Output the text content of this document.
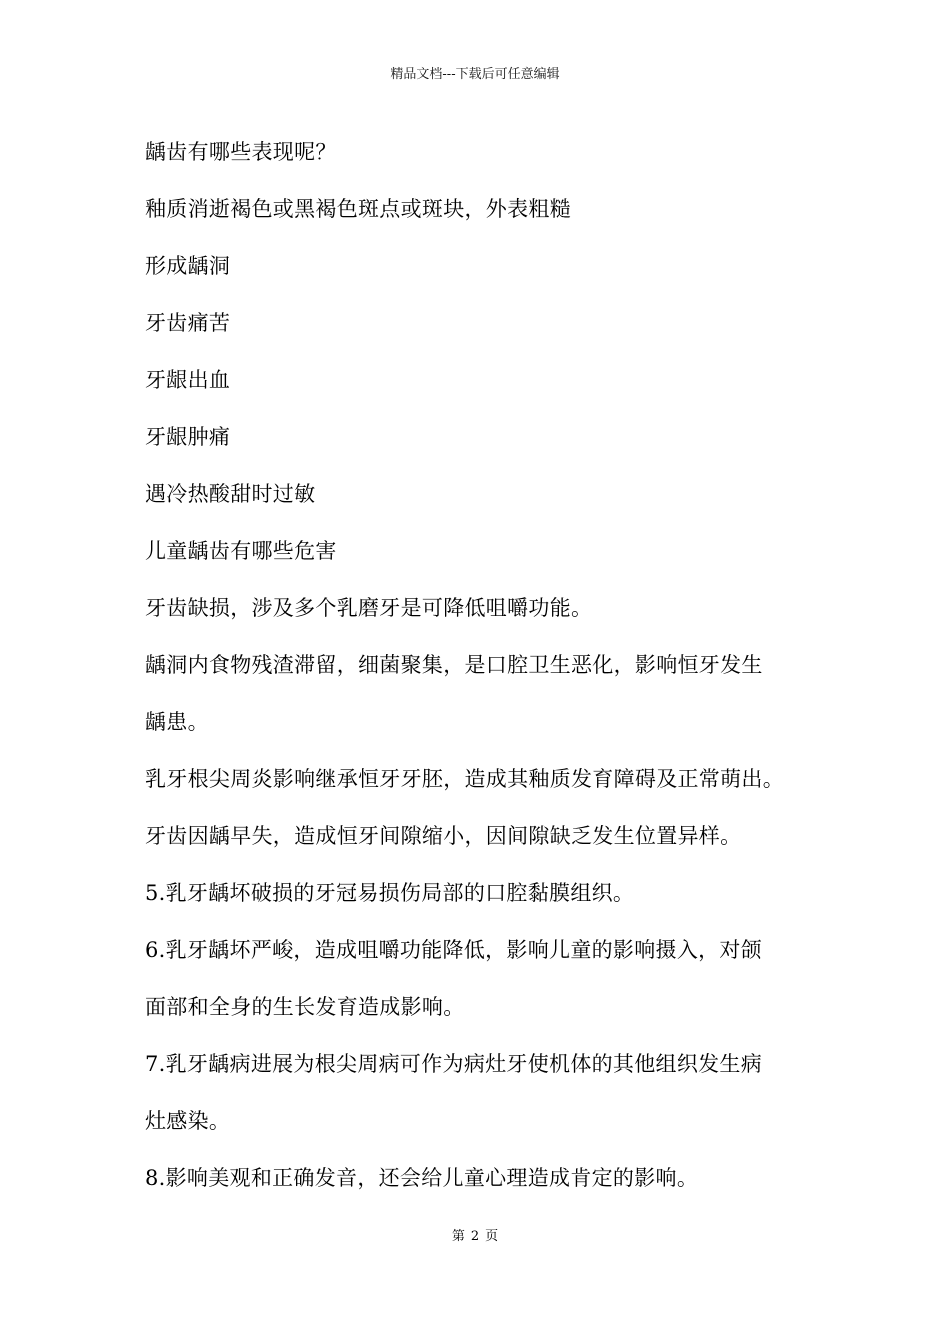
精品文档---下载后可任意编辑
龋齿有哪些表现呢？
釉质消逝褐色或黑褐色斑点或斑块，外表粗糙
形成龋洞
牙齿痛苦
牙龈出血
牙龈肿痛
遇冷热酸甜时过敏
儿童龋齿有哪些危害
牙齿缺损，涉及多个乳磨牙是可降低咀嚼功能。
龋洞内食物残渣滞留，细菌聚集，是口腔卫生恶化，影响恒牙发生
龋患。
乳牙根尖周炎影响继承恒牙牙胚，造成其釉质发育障碍及正常萌出。
牙齿因龋早失，造成恒牙间隙缩小，因间隙缺乏发生位置异样。
5.乳牙龋坏破损的牙冠易损伤局部的口腔黏膜组织。
6.乳牙龋坏严峻，造成咀嚼功能降低，影响儿童的影响摄入，对颌
面部和全身的生长发育造成影响。
7.乳牙龋病进展为根尖周病可作为病灶牙使机体的其他组织发生病
灶感染。
8.影响美观和正确发音，还会给儿童心理造成肯定的影响。
第 2 页
